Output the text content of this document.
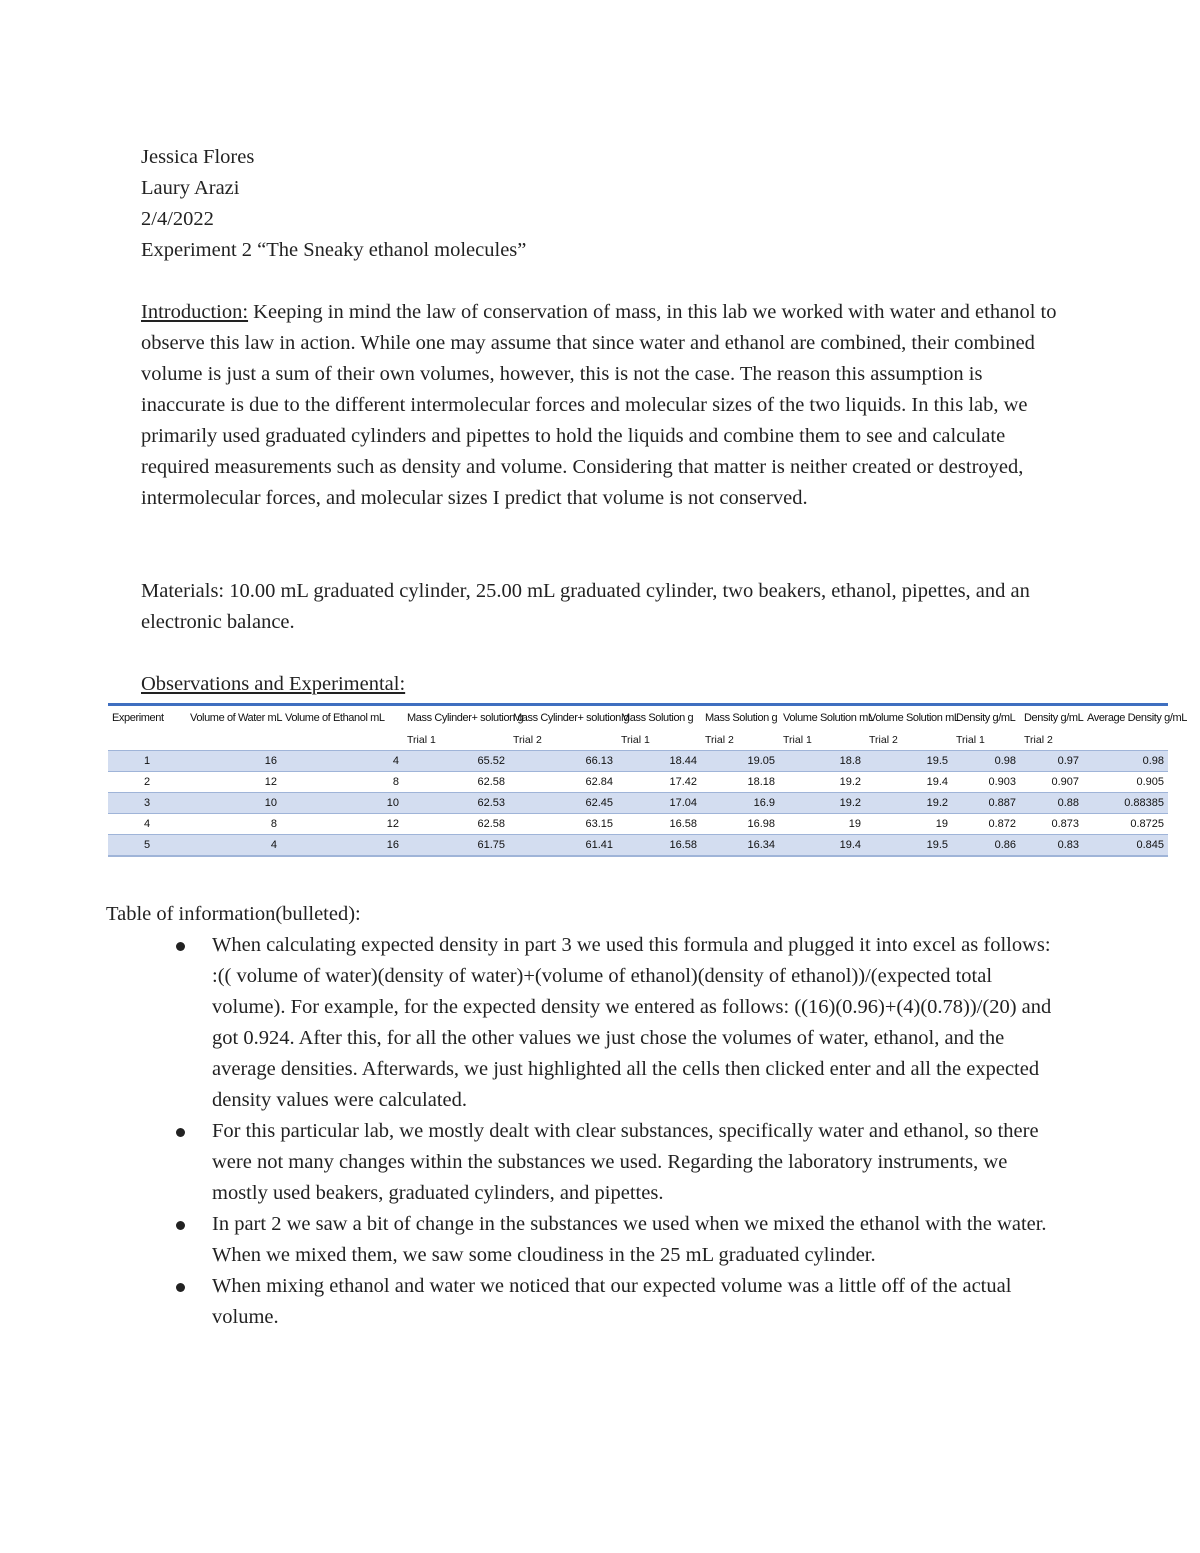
Jessica Flores
Laury Arazi
2/4/2022
Experiment 2 “The Sneaky ethanol molecules”
Introduction: Keeping in mind the law of conservation of mass, in this lab we worked with water and ethanol to observe this law in action. While one may assume that since water and ethanol are combined, their combined volume is just a sum of their own volumes, however, this is not the case. The reason this assumption is inaccurate is due to the different intermolecular forces and molecular sizes of the two liquids. In this lab, we primarily used graduated cylinders and pipettes to hold the liquids and combine them to see and calculate required measurements such as density and volume. Considering that matter is neither created or destroyed, intermolecular forces, and molecular sizes I predict that volume is not conserved.
Materials: 10.00 mL graduated cylinder, 25.00 mL graduated cylinder, two beakers, ethanol, pipettes, and an electronic balance.
Observations and Experimental:
Experiment	Volume of Water mL	Volume of Ethanol mL	Mass Cylinder+ solution g	Mass Cylinder+ solution g	Mass Solution g	Mass Solution g	Volume Solution mL	Volume Solution mL	Density g/mL	Density g/mL	Average Density g/mL
			Trial 1	Trial 2	Trial 1	Trial 2	Trial 1	Trial 2	Trial 1	Trial 2	
1	16	4	65.52	66.13	18.44	19.05	18.8	19.5	0.98	0.97	0.98
2	12	8	62.58	62.84	17.42	18.18	19.2	19.4	0.903	0.907	0.905
3	10	10	62.53	62.45	17.04	16.9	19.2	19.2	0.887	0.88	0.88385
4	8	12	62.58	63.15	16.58	16.98	19	19	0.872	0.873	0.8725
5	4	16	61.75	61.41	16.58	16.34	19.4	19.5	0.86	0.83	0.845
Table of information(bulleted):
When calculating expected density in part 3 we used this formula and plugged it into excel as follows: :(( volume of water)(density of water)+(volume of ethanol)(density of ethanol))/(expected total volume). For example, for the expected density we entered as follows: ((16)(0.96)+(4)(0.78))/(20) and got 0.924. After this, for all the other values we just chose the volumes of water, ethanol, and the average densities. Afterwards, we just highlighted all the cells then clicked enter and all the expected density values were calculated.
For this particular lab, we mostly dealt with clear substances, specifically water and ethanol, so there were not many changes within the substances we used. Regarding the laboratory instruments, we mostly used beakers, graduated cylinders, and pipettes.
In part 2 we saw a bit of change in the substances we used when we mixed the ethanol with the water. When we mixed them, we saw some cloudiness in the 25 mL graduated cylinder.
When mixing ethanol and water we noticed that our expected volume was a little off of the actual volume.
